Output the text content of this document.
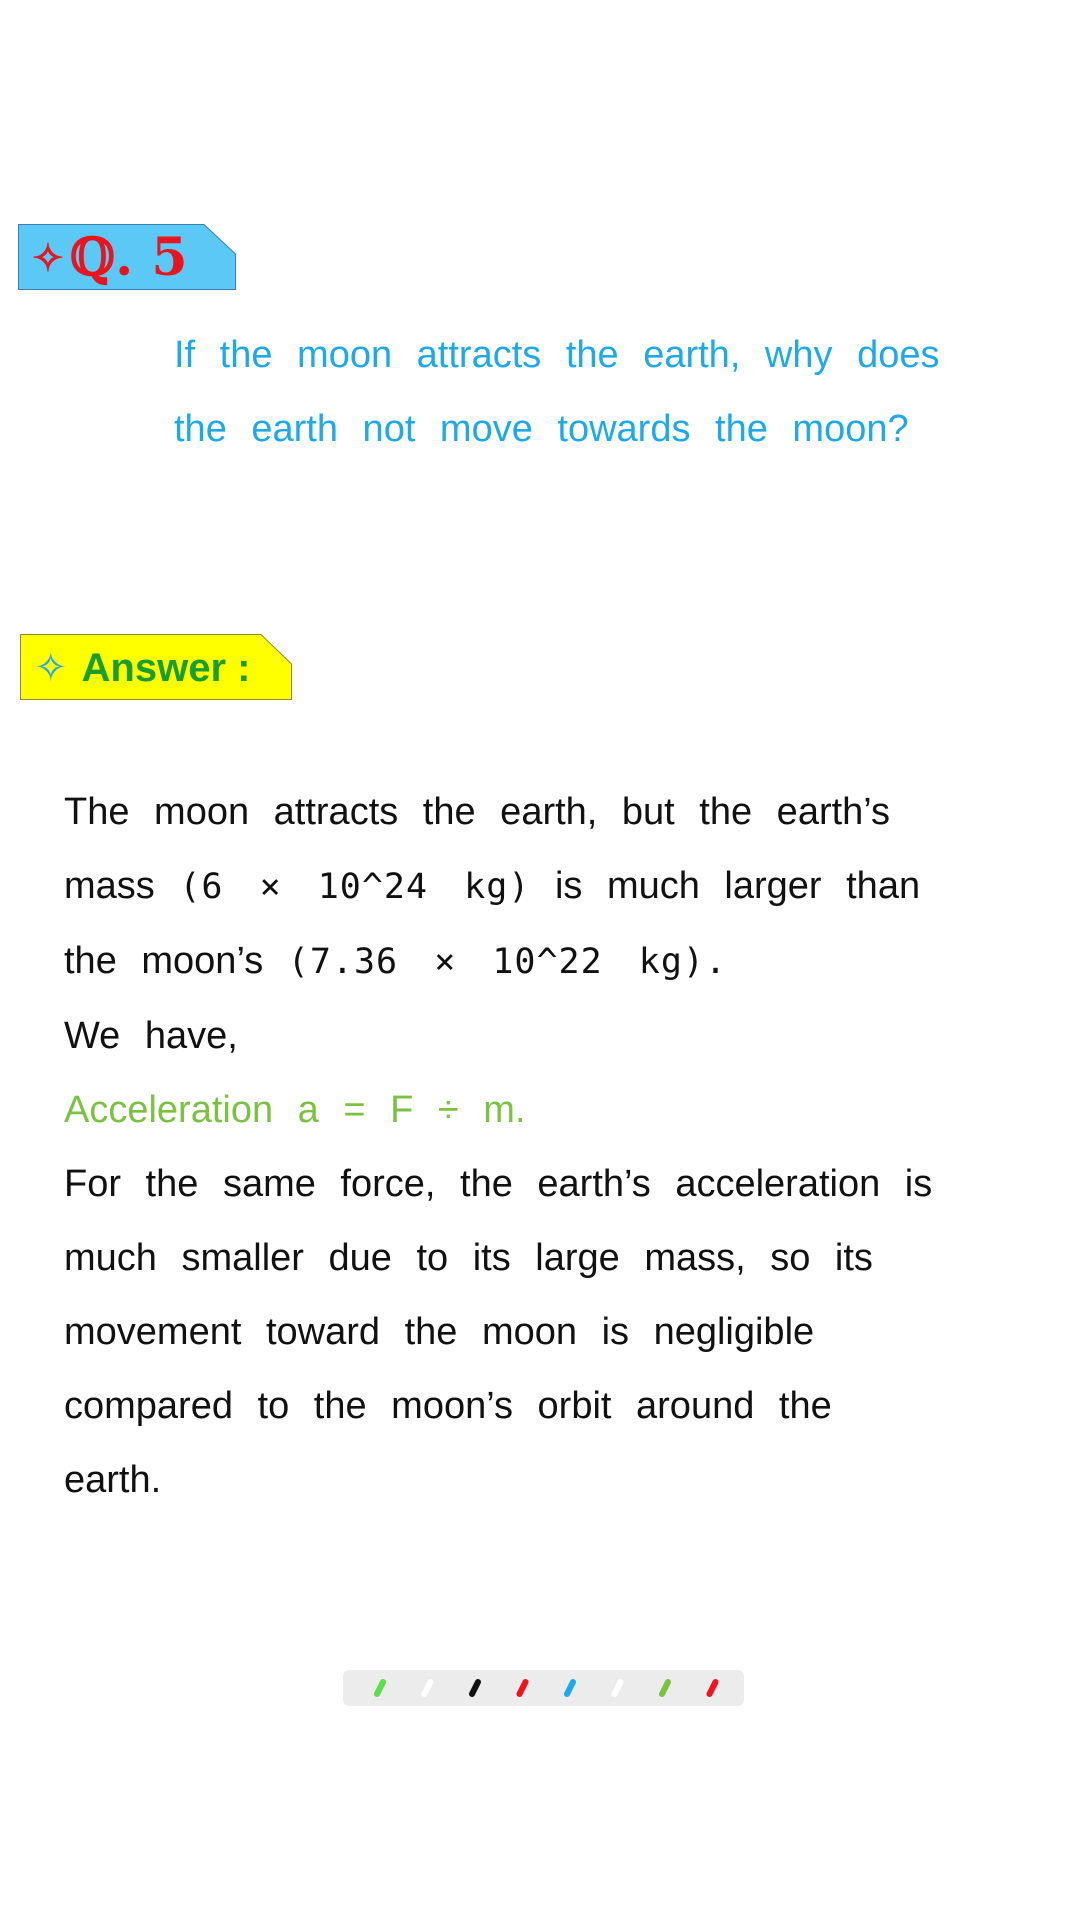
✧ ℚ. 5
If the moon attracts the earth, why does
the earth not move towards the moon?
✧ Answer :
The moon attracts the earth, but the earth’s
mass (6 × 10^24 kg) is much larger than
the moon’s (7.36 × 10^22 kg).
We have,
Acceleration a = F ÷ m.
For the same force, the earth’s acceleration is
much smaller due to its large mass, so its
movement toward the moon is negligible
compared to the moon’s orbit around the
earth.
